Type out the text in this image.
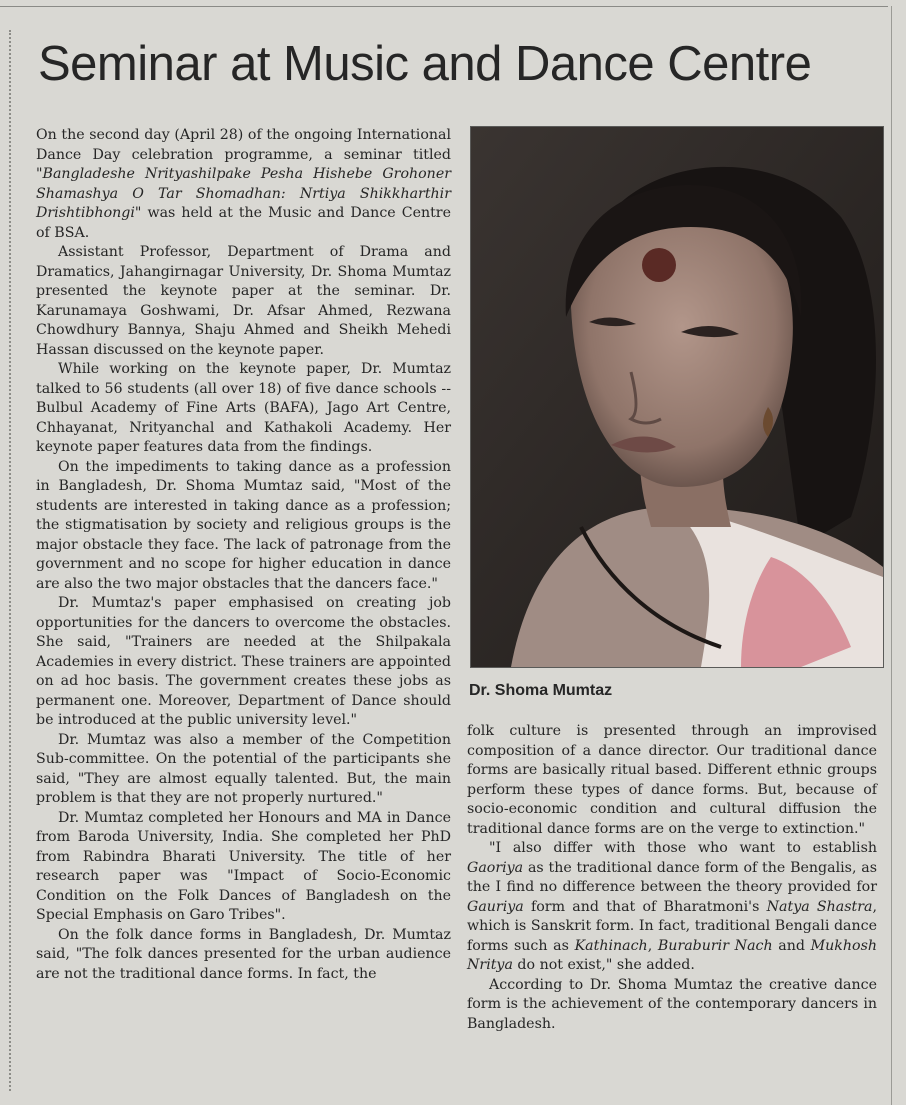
Seminar at Music and Dance Centre

On the second day (April 28) of the ongoing International Dance Day celebration programme, a seminar titled "Bangladeshe Nrityashilpake Pesha Hishebe Grohoner Shamashya O Tar Shomadhan: Nrtiya Shikkharthir Drishtibhongi" was held at the Music and Dance Centre of BSA.

Assistant Professor, Department of Drama and Dramatics, Jahangirnagar University, Dr. Shoma Mumtaz presented the keynote paper at the seminar. Dr. Karunamaya Goshwami, Dr. Afsar Ahmed, Rezwana Chowdhury Bannya, Shaju Ahmed and Sheikh Mehedi Hassan discussed on the keynote paper.

While working on the keynote paper, Dr. Mumtaz talked to 56 students (all over 18) of five dance schools -- Bulbul Academy of Fine Arts (BAFA), Jago Art Centre, Chhayanat, Nrityanchal and Kathakoli Academy. Her keynote paper features data from the findings.

On the impediments to taking dance as a profession in Bangladesh, Dr. Shoma Mumtaz said, "Most of the students are interested in taking dance as a profession; the stigmatisation by society and religious groups is the major obstacle they face. The lack of patronage from the government and no scope for higher education in dance are also the two major obstacles that the dancers face."

Dr. Mumtaz's paper emphasised on creating job opportunities for the dancers to overcome the obstacles. She said, "Trainers are needed at the Shilpakala Academies in every district. These trainers are appointed on ad hoc basis. The government creates these jobs as permanent one. Moreover, Department of Dance should be introduced at the public university level."

Dr. Mumtaz was also a member of the Competition Sub-committee. On the potential of the participants she said, "They are almost equally talented. But, the main problem is that they are not properly nurtured."

Dr. Mumtaz completed her Honours and MA in Dance from Baroda University, India. She completed her PhD from Rabindra Bharati University. The title of her research paper was "Impact of Socio-Economic Condition on the Folk Dances of Bangladesh on the Special Emphasis on Garo Tribes".

On the folk dance forms in Bangladesh, Dr. Mumtaz said, "The folk dances presented for the urban audience are not the traditional dance forms. In fact, the

Dr. Shoma Mumtaz

folk culture is presented through an improvised composition of a dance director. Our traditional dance forms are basically ritual based. Different ethnic groups perform these types of dance forms. But, because of socio-economic condition and cultural diffusion the traditional dance forms are on the verge to extinction."

"I also differ with those who want to establish Gaoriya as the traditional dance form of the Bengalis, as the I find no difference between the theory provided for Gauriya form and that of Bharatmoni's Natya Shastra, which is Sanskrit form. In fact, traditional Bengali dance forms such as Kathinach, Buraburir Nach and Mukhosh Nritya do not exist," she added.

According to Dr. Shoma Mumtaz the creative dance form is the achievement of the contemporary dancers in Bangladesh.
